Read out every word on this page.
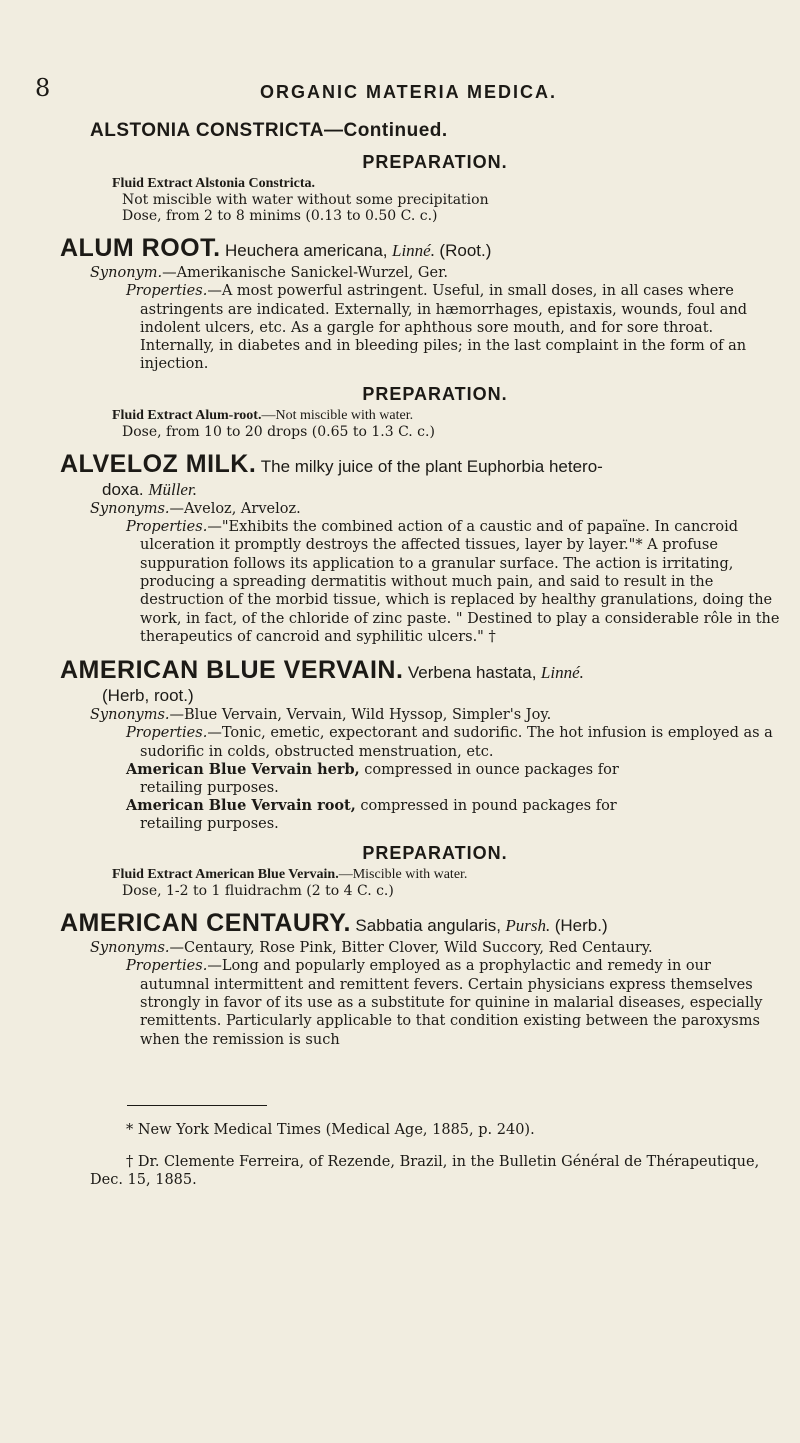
8	ORGANIC MATERIA MEDICA.
ALSTONIA CONSTRICTA—Continued.
PREPARATION.
Fluid Extract Alstonia Constricta.
Not miscible with water without some precipitation
Dose, from 2 to 8 minims (0.13 to 0.50 C. c.)
ALUM ROOT. Heuchera americana, Linné. (Root.)

Synonym.—Amerikanische Sanickel-Wurzel, Ger.

Properties.—A most powerful astringent. Useful, in small doses, in all cases where astringents are indicated. Externally, in hæmorrhages, epistaxis, wounds, foul and indolent ulcers, etc. As a gargle for aphthous sore mouth, and for sore throat. Internally, in diabetes and in bleeding piles; in the last complaint in the form of an injection.

PREPARATION.
Fluid Extract Alum-root.—Not miscible with water.
Dose, from 10 to 20 drops (0.65 to 1.3 C. c.)
ALVELOZ MILK. The milky juice of the plant Euphorbia hetero-
doxa. Müller.

Synonyms.—Aveloz, Arveloz.

Properties.—"Exhibits the combined action of a caustic and of papaïne. In cancroid ulceration it promptly destroys the affected tissues, layer by layer."* A profuse suppuration follows its application to a granular surface. The action is irritating, producing a spreading dermatitis without much pain, and said to result in the destruction of the morbid tissue, which is replaced by healthy granulations, doing the work, in fact, of the chloride of zinc paste. " Destined to play a considerable rôle in the therapeutics of cancroid and syphilitic ulcers." †

AMERICAN BLUE VERVAIN. Verbena hastata, Linné.
(Herb, root.)

Synonyms.—Blue Vervain, Vervain, Wild Hyssop, Simpler's Joy.

Properties.—Tonic, emetic, expectorant and sudorific. The hot infusion is employed as a sudorific in colds, obstructed menstruation, etc.

American Blue Vervain herb, compressed in ounce packages for
retailing purposes.
American Blue Vervain root, compressed in pound packages for
retailing purposes.
PREPARATION.
Fluid Extract American Blue Vervain.—Miscible with water.
Dose, 1-2 to 1 fluidrachm (2 to 4 C. c.)
AMERICAN CENTAURY. Sabbatia angularis, Pursh. (Herb.)

Synonyms.—Centaury, Rose Pink, Bitter Clover, Wild Succory, Red Centaury.

Properties.—Long and popularly employed as a prophylactic and remedy in our autumnal intermittent and remittent fevers. Certain physicians express themselves strongly in favor of its use as a substitute for quinine in malarial diseases, especially remittents. Particularly applicable to that condition existing between the paroxysms when the remission is such

* New York Medical Times (Medical Age, 1885, p. 240).

† Dr. Clemente Ferreira, of Rezende, Brazil, in the Bulletin Général de Thérapeutique, Dec. 15, 1885.
